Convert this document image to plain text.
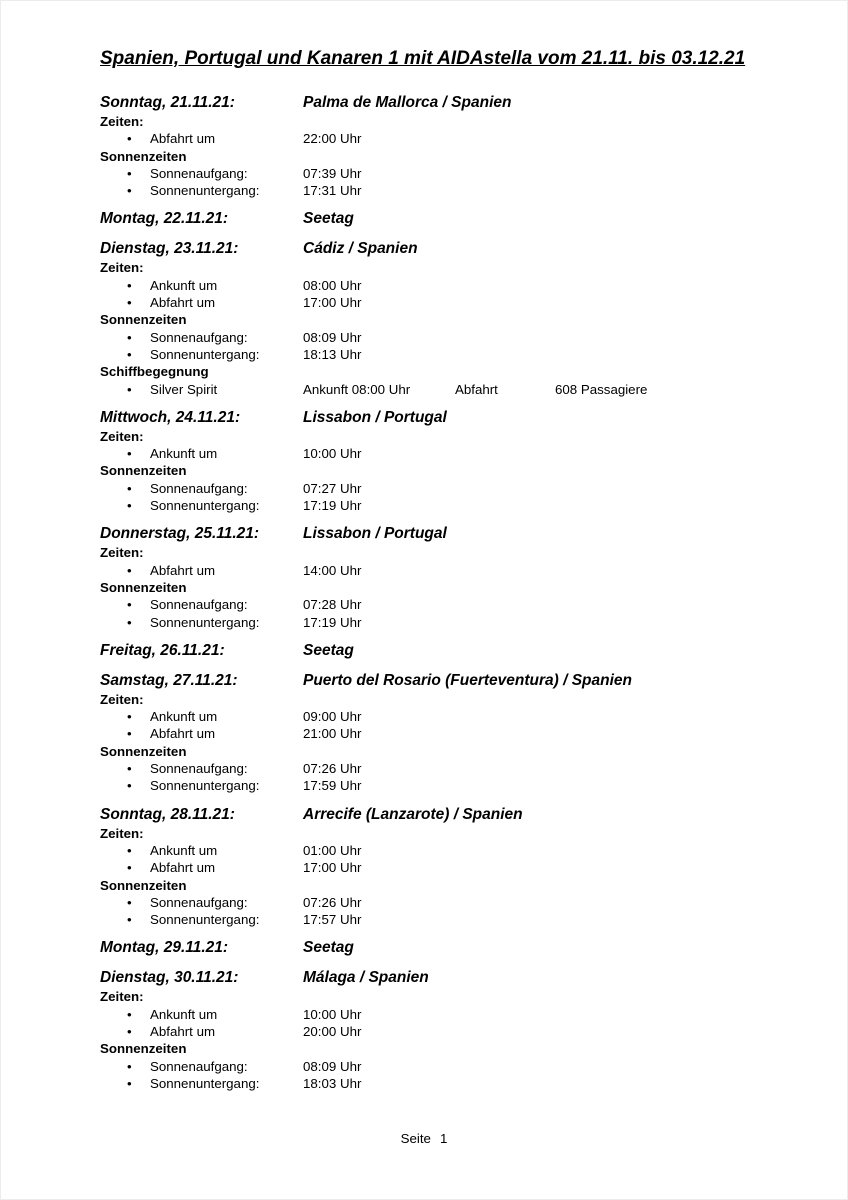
Spanien, Portugal und Kanaren 1 mit AIDAstella vom 21.11. bis 03.12.21
Sonntag, 21.11.21:	Palma de Mallorca / Spanien
Zeiten:
• Abfahrt um	22:00 Uhr
Sonnenzeiten
• Sonnenaufgang:	07:39 Uhr
• Sonnenuntergang:	17:31 Uhr
Montag, 22.11.21:	Seetag
Dienstag, 23.11.21:	Cádiz / Spanien
Zeiten:
• Ankunft um	08:00 Uhr
• Abfahrt um	17:00 Uhr
Sonnenzeiten
• Sonnenaufgang:	08:09 Uhr
• Sonnenuntergang:	18:13 Uhr
Schiffbegegnung
• Silver Spirit	Ankunft 08:00 Uhr	Abfahrt	608 Passagiere
Mittwoch, 24.11.21:	Lissabon / Portugal
Zeiten:
• Ankunft um	10:00 Uhr
Sonnenzeiten
• Sonnenaufgang:	07:27 Uhr
• Sonnenuntergang:	17:19 Uhr
Donnerstag, 25.11.21:	Lissabon / Portugal
Zeiten:
• Abfahrt um	14:00 Uhr
Sonnenzeiten
• Sonnenaufgang:	07:28 Uhr
• Sonnenuntergang:	17:19 Uhr
Freitag, 26.11.21:	Seetag
Samstag, 27.11.21:	Puerto del Rosario (Fuerteventura) / Spanien
Zeiten:
• Ankunft um	09:00 Uhr
• Abfahrt um	21:00 Uhr
Sonnenzeiten
• Sonnenaufgang:	07:26 Uhr
• Sonnenuntergang:	17:59 Uhr
Sonntag, 28.11.21:	Arrecife (Lanzarote) / Spanien
Zeiten:
• Ankunft um	01:00 Uhr
• Abfahrt um	17:00 Uhr
Sonnenzeiten
• Sonnenaufgang:	07:26 Uhr
• Sonnenuntergang:	17:57 Uhr
Montag, 29.11.21:	Seetag
Dienstag, 30.11.21:	Málaga / Spanien
Zeiten:
• Ankunft um	10:00 Uhr
• Abfahrt um	20:00 Uhr
Sonnenzeiten
• Sonnenaufgang:	08:09 Uhr
• Sonnenuntergang:	18:03 Uhr
Seite 1
